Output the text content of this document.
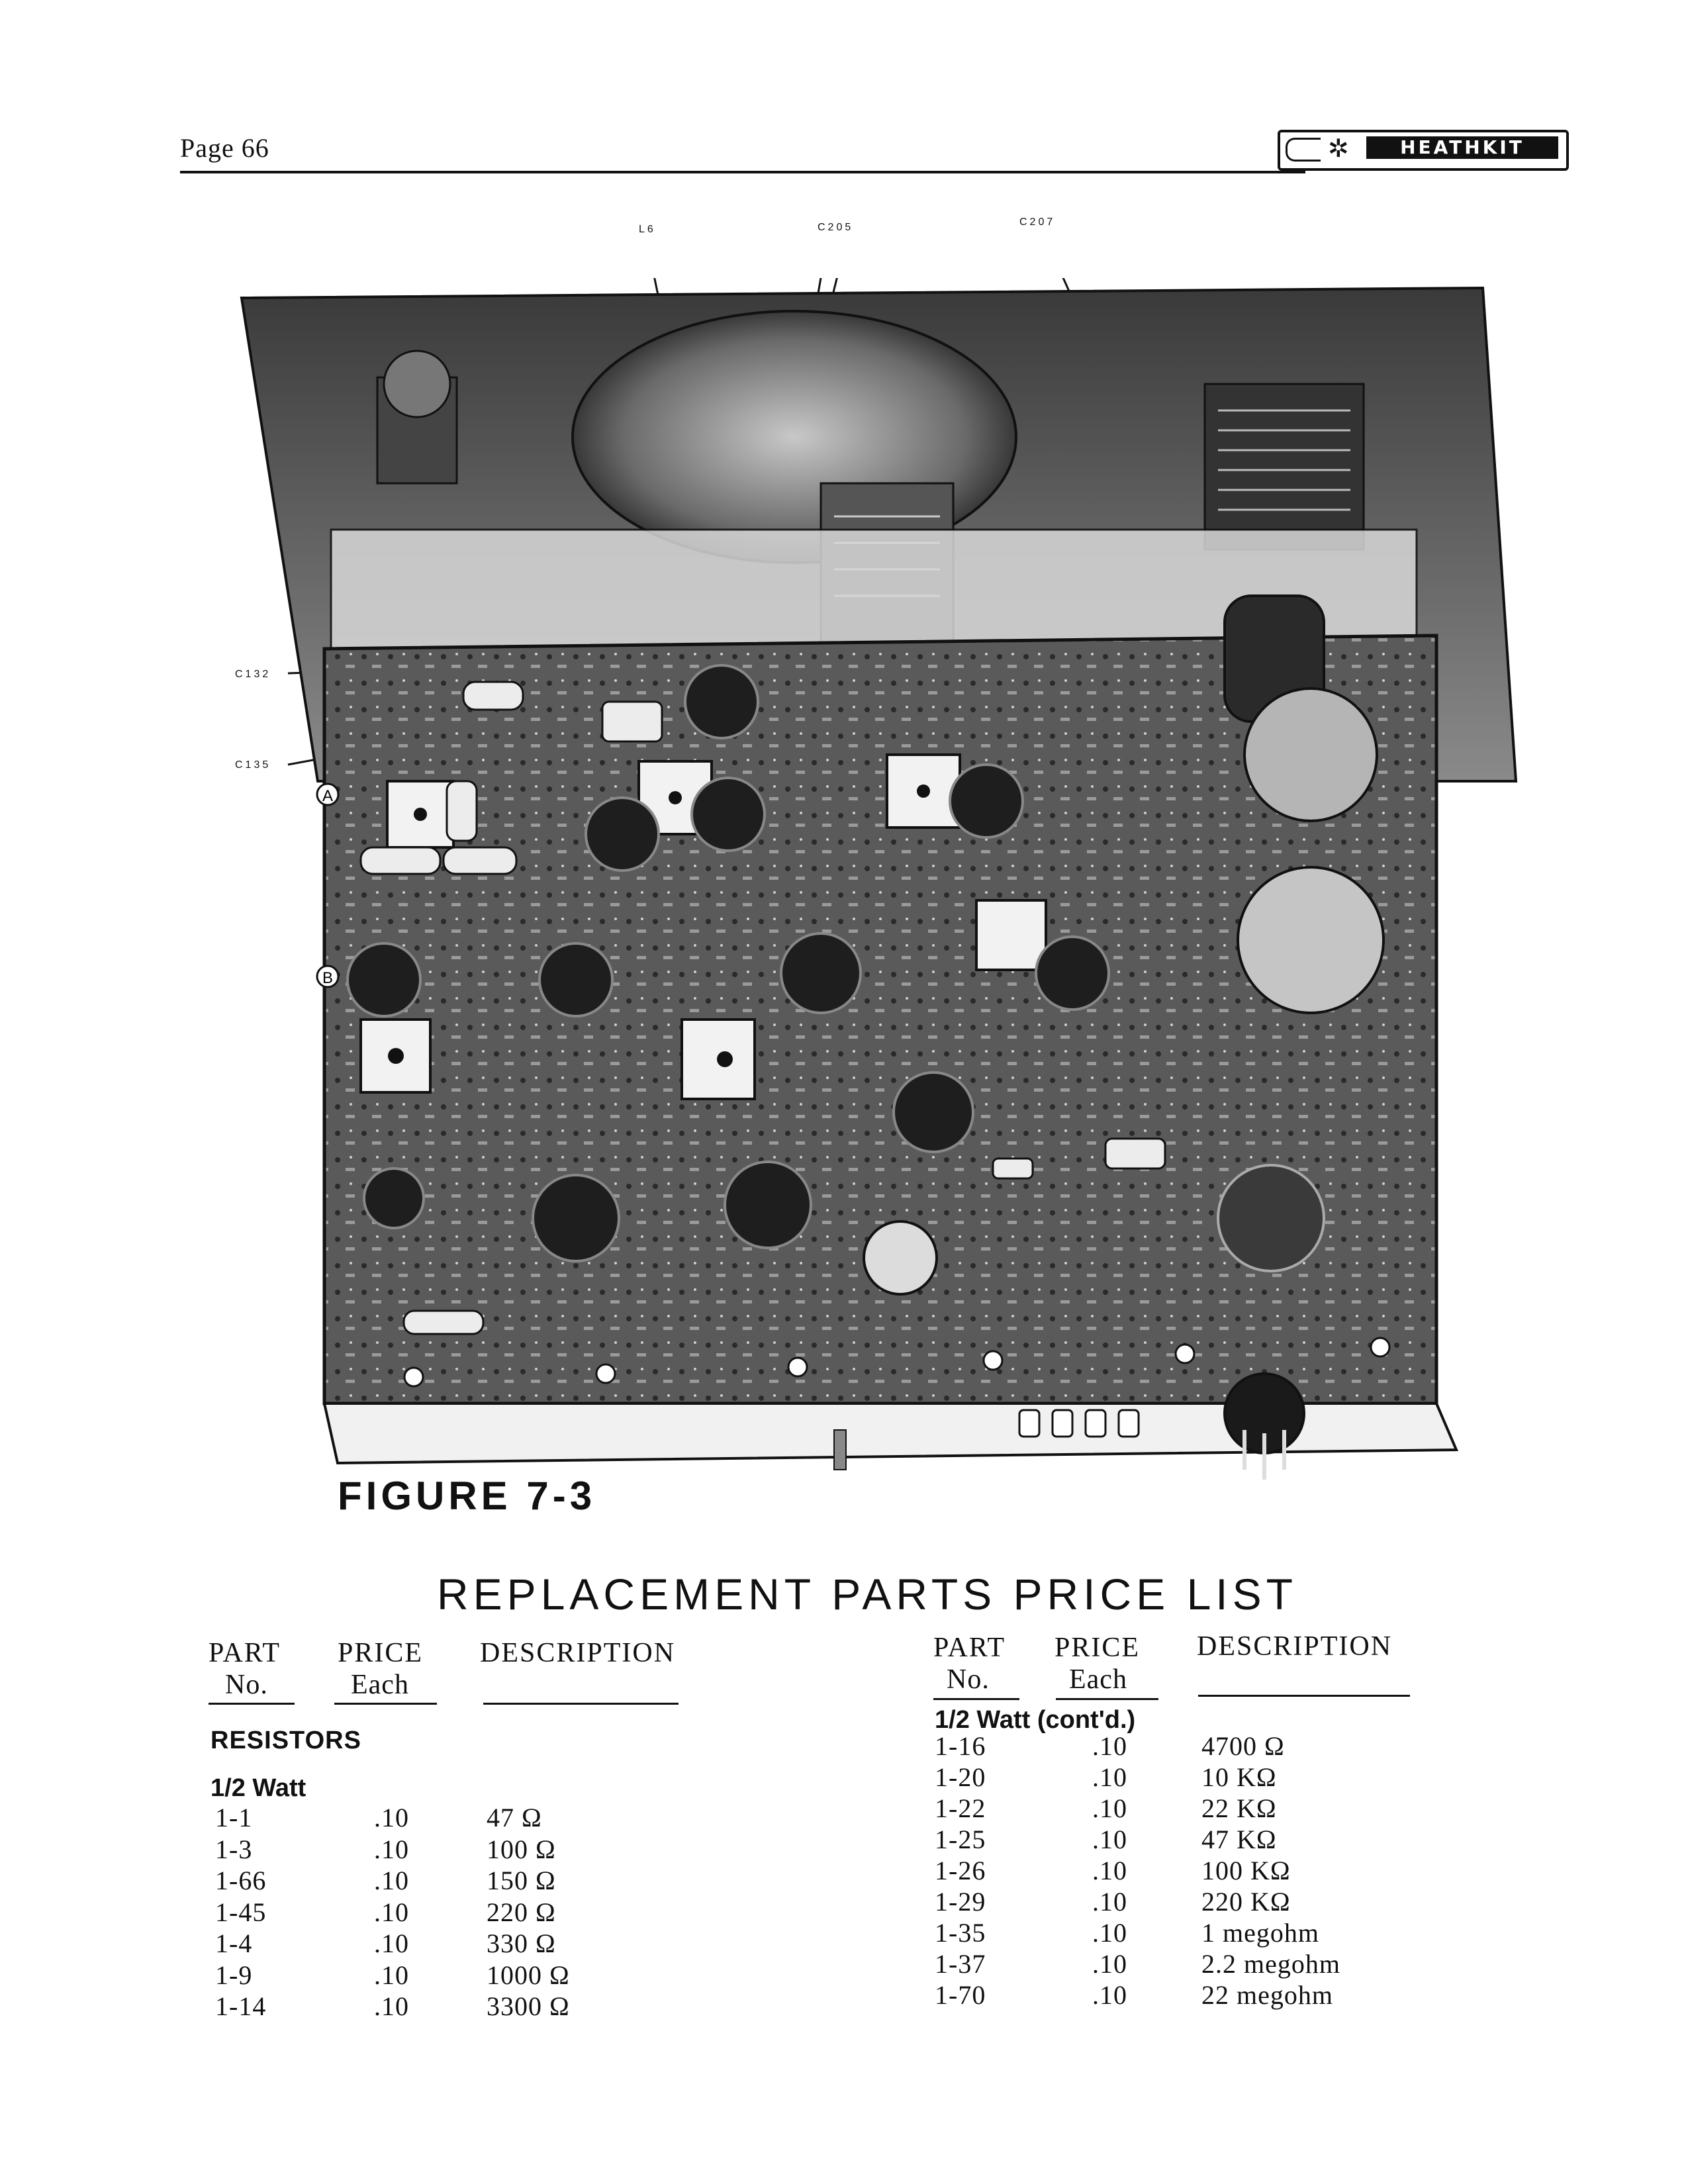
Page 66	✲	HEATHKIT
L6	C205	C207
C132
C135
A
B
FIGURE 7-3
REPLACEMENT PARTS PRICE LIST
PART
No.
PRICE
Each
DESCRIPTION
RESISTORS
1/2 Watt
1-1	.10	47 Ω
1-3	.10	100 Ω
1-66	.10	150 Ω
1-45	.10	220 Ω
1-4	.10	330 Ω
1-9	.10	1000 Ω
1-14	.10	3300 Ω
PART
No.
PRICE
Each
DESCRIPTION
1/2 Watt (cont'd.)
1-16	.10	4700 Ω
1-20	.10	10 KΩ
1-22	.10	22 KΩ
1-25	.10	47 KΩ
1-26	.10	100 KΩ
1-29	.10	220 KΩ
1-35	.10	1 megohm
1-37	.10	2.2 megohm
1-70	.10	22 megohm
